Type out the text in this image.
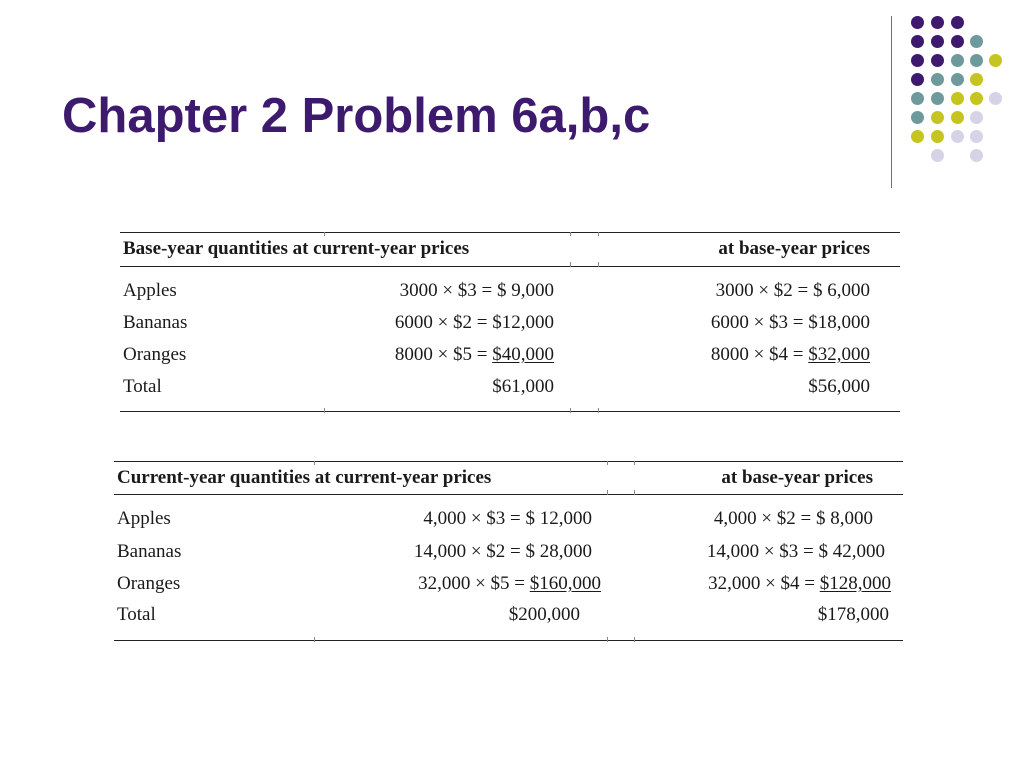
Chapter 2 Problem 6a,b,c
Base-year quantities at current-year prices	at base-year prices
Apples	3000 × $3 = $ 9,000	3000 × $2 = $ 6,000
Bananas	6000 × $2 = $12,000	6000 × $3 = $18,000
Oranges	8000 × $5 = $40,000	8000 × $4 = $32,000
Total	$61,000	$56,000
Current-year quantities at current-year prices	at base-year prices
Apples	4,000 × $3 = $ 12,000	4,000 × $2 = $ 8,000
Bananas	14,000 × $2 = $ 28,000	14,000 × $3 = $ 42,000
Oranges	32,000 × $5 = $160,000	32,000 × $4 = $128,000
Total	$200,000	$178,000
